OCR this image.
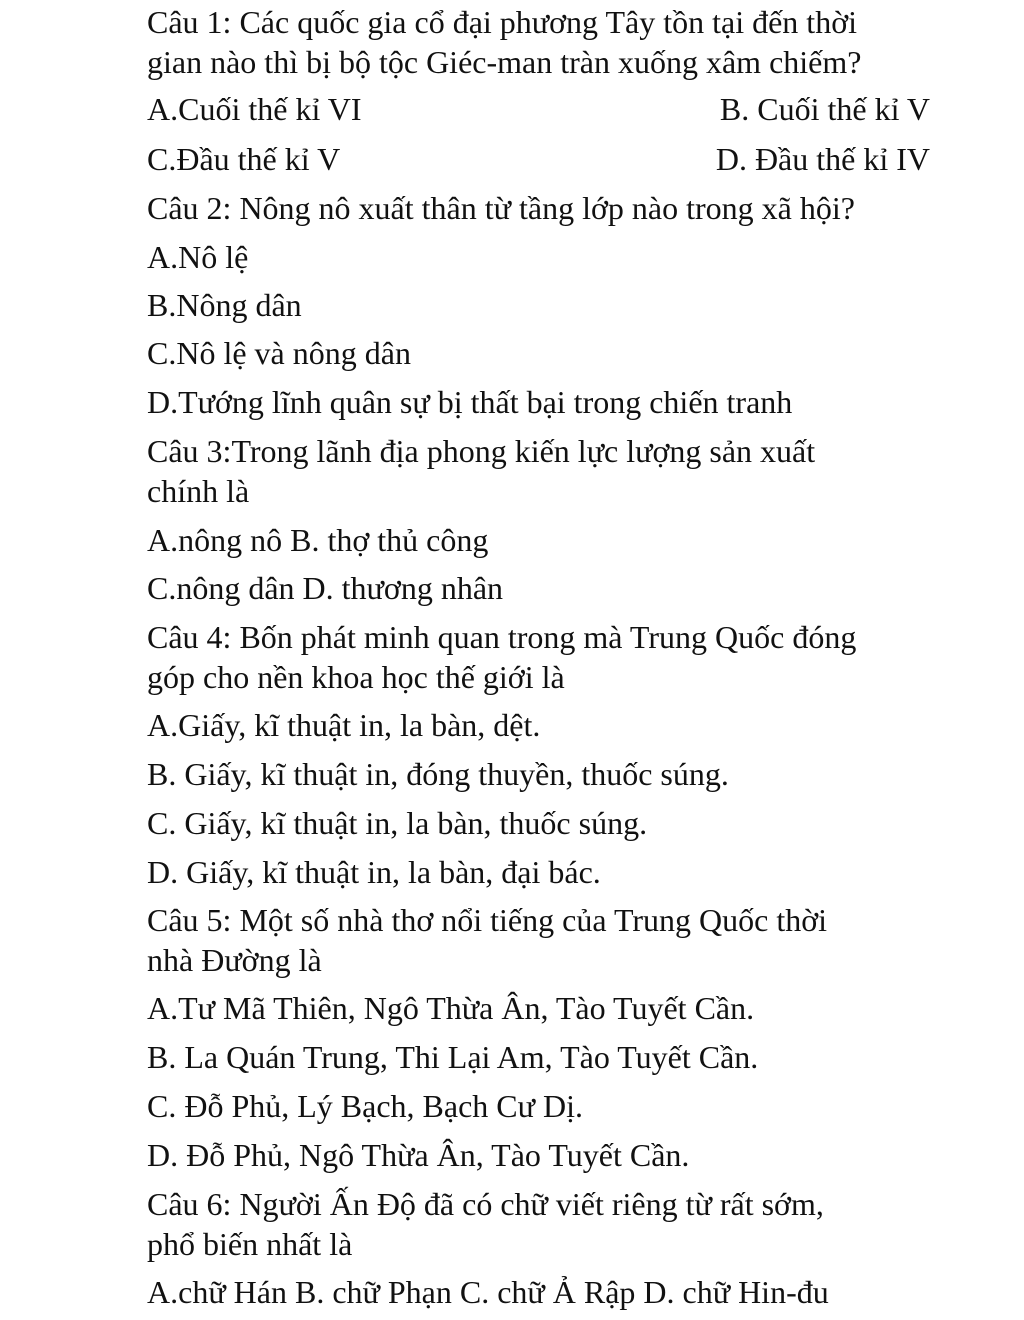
Câu 1: Các quốc gia cổ đại phương Tây tồn tại đến thời
gian nào thì bị bộ tộc Giéc-man tràn xuống xâm chiếm?
A.Cuối thế kỉ VI	B. Cuối thế kỉ V
C.Đầu thế kỉ V	D. Đầu thế kỉ IV
Câu 2: Nông nô xuất thân từ tầng lớp nào trong xã hội?
A.Nô lệ
B.Nông dân
C.Nô lệ và nông dân
D.Tướng lĩnh quân sự bị thất bại trong chiến tranh
Câu 3:Trong lãnh địa phong kiến lực lượng sản xuất
chính là
A.nông nô B. thợ thủ công
C.nông dân D. thương nhân
Câu 4: Bốn phát minh quan trong mà Trung Quốc đóng
góp cho nền khoa học thế giới là
A.Giấy, kĩ thuật in, la bàn, dệt.
B. Giấy, kĩ thuật in, đóng thuyền, thuốc súng.
C. Giấy, kĩ thuật in, la bàn, thuốc súng.
D. Giấy, kĩ thuật in, la bàn, đại bác.
Câu 5: Một số nhà thơ nổi tiếng của Trung Quốc thời
nhà Đường là
A.Tư Mã Thiên, Ngô Thừa Ân, Tào Tuyết Cần.
B. La Quán Trung, Thi Lại Am, Tào Tuyết Cần.
C. Đỗ Phủ, Lý Bạch, Bạch Cư Dị.
D. Đỗ Phủ, Ngô Thừa Ân, Tào Tuyết Cần.
Câu 6: Người Ấn Độ đã có chữ viết riêng từ rất sớm,
phổ biến nhất là
A.chữ Hán B. chữ Phạn C. chữ Ả Rập D. chữ Hin-đu
